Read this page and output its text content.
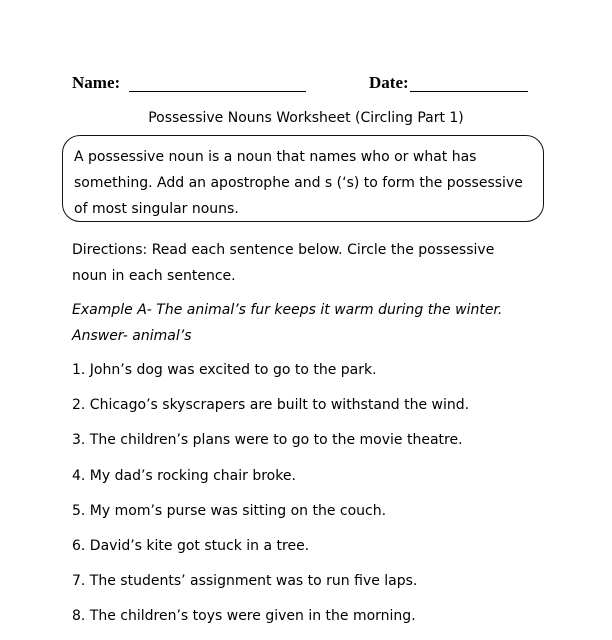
Name:	Date:
Possessive Nouns Worksheet (Circling Part 1)
A possessive noun is a noun that names who or what has
something. Add an apostrophe and s (‘s) to form the possessive
of most singular nouns.
Directions: Read each sentence below. Circle the possessive
noun in each sentence.
Example A- The animal’s fur keeps it warm during the winter.
Answer- animal’s
1. John’s dog was excited to go to the park.
2. Chicago’s skyscrapers are built to withstand the wind.
3. The children’s plans were to go to the movie theatre.
4. My dad’s rocking chair broke.
5. My mom’s purse was sitting on the couch.
6. David’s kite got stuck in a tree.
7. The students’ assignment was to run five laps.
8. The children’s toys were given in the morning.
